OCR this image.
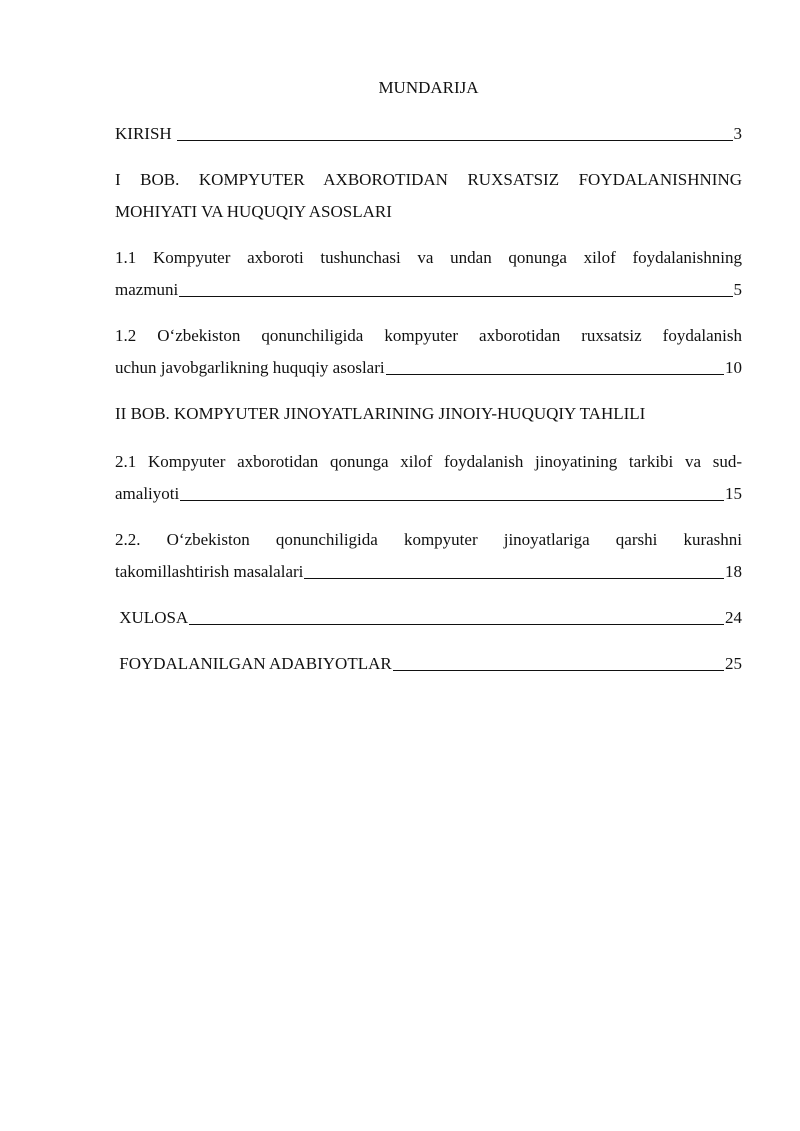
MUNDARIJA
KIRISH	3
I BOB. KOMPYUTER AXBOROTIDAN RUXSATSIZ FOYDALANISHNING
MOHIYATI VA HUQUQIY ASOSLARI
1.1 Kompyuter axboroti tushunchasi va undan qonunga xilof foydalanishning
mazmuni	5
1.2 O‘zbekiston qonunchiligida kompyuter axborotidan ruxsatsiz foydalanish
uchun javobgarlikning huquqiy asoslari	10
II BOB. KOMPYUTER JINOYATLARINING JINOIY-HUQUQIY TAHLILI
2.1 Kompyuter axborotidan qonunga xilof foydalanish jinoyatining tarkibi va sud-
amaliyoti	15
2.2. O‘zbekiston qonunchiligida kompyuter jinoyatlariga qarshi kurashni
takomillashtirish masalalari	18
XULOSA	24
FOYDALANILGAN ADABIYOTLAR	25
